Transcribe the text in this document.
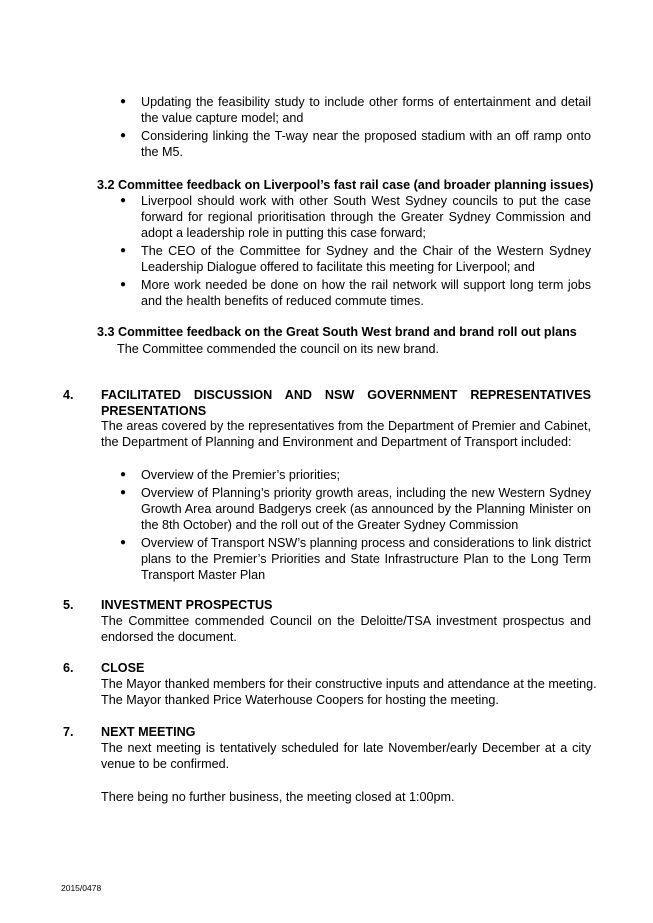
● Updating the feasibility study to include other forms of entertainment and detail the value capture model; and
● Considering linking the T-way near the proposed stadium with an off ramp onto the M5.
3.2 Committee feedback on Liverpool’s fast rail case (and broader planning issues)
● Liverpool should work with other South West Sydney councils to put the case forward for regional prioritisation through the Greater Sydney Commission and adopt a leadership role in putting this case forward;
● The CEO of the Committee for Sydney and the Chair of the Western Sydney Leadership Dialogue offered to facilitate this meeting for Liverpool; and
● More work needed be done on how the rail network will support long term jobs and the health benefits of reduced commute times.
3.3 Committee feedback on the Great South West brand and brand roll out plans
The Committee commended the council on its new brand.
4. FACILITATED DISCUSSION AND NSW GOVERNMENT REPRESENTATIVES PRESENTATIONS
The areas covered by the representatives from the Department of Premier and Cabinet, the Department of Planning and Environment and Department of Transport included:
● Overview of the Premier’s priorities;
● Overview of Planning’s priority growth areas, including the new Western Sydney Growth Area around Badgerys creek (as announced by the Planning Minister on the 8th October) and the roll out of the Greater Sydney Commission
● Overview of Transport NSW’s planning process and considerations to link district plans to the Premier’s Priorities and State Infrastructure Plan to the Long Term Transport Master Plan
5. INVESTMENT PROSPECTUS
The Committee commended Council on the Deloitte/TSA investment prospectus and endorsed the document.
6. CLOSE
The Mayor thanked members for their constructive inputs and attendance at the meeting.
The Mayor thanked Price Waterhouse Coopers for hosting the meeting.
7. NEXT MEETING
The next meeting is tentatively scheduled for late November/early December at a city venue to be confirmed.
There being no further business, the meeting closed at 1:00pm.
2015/0478
